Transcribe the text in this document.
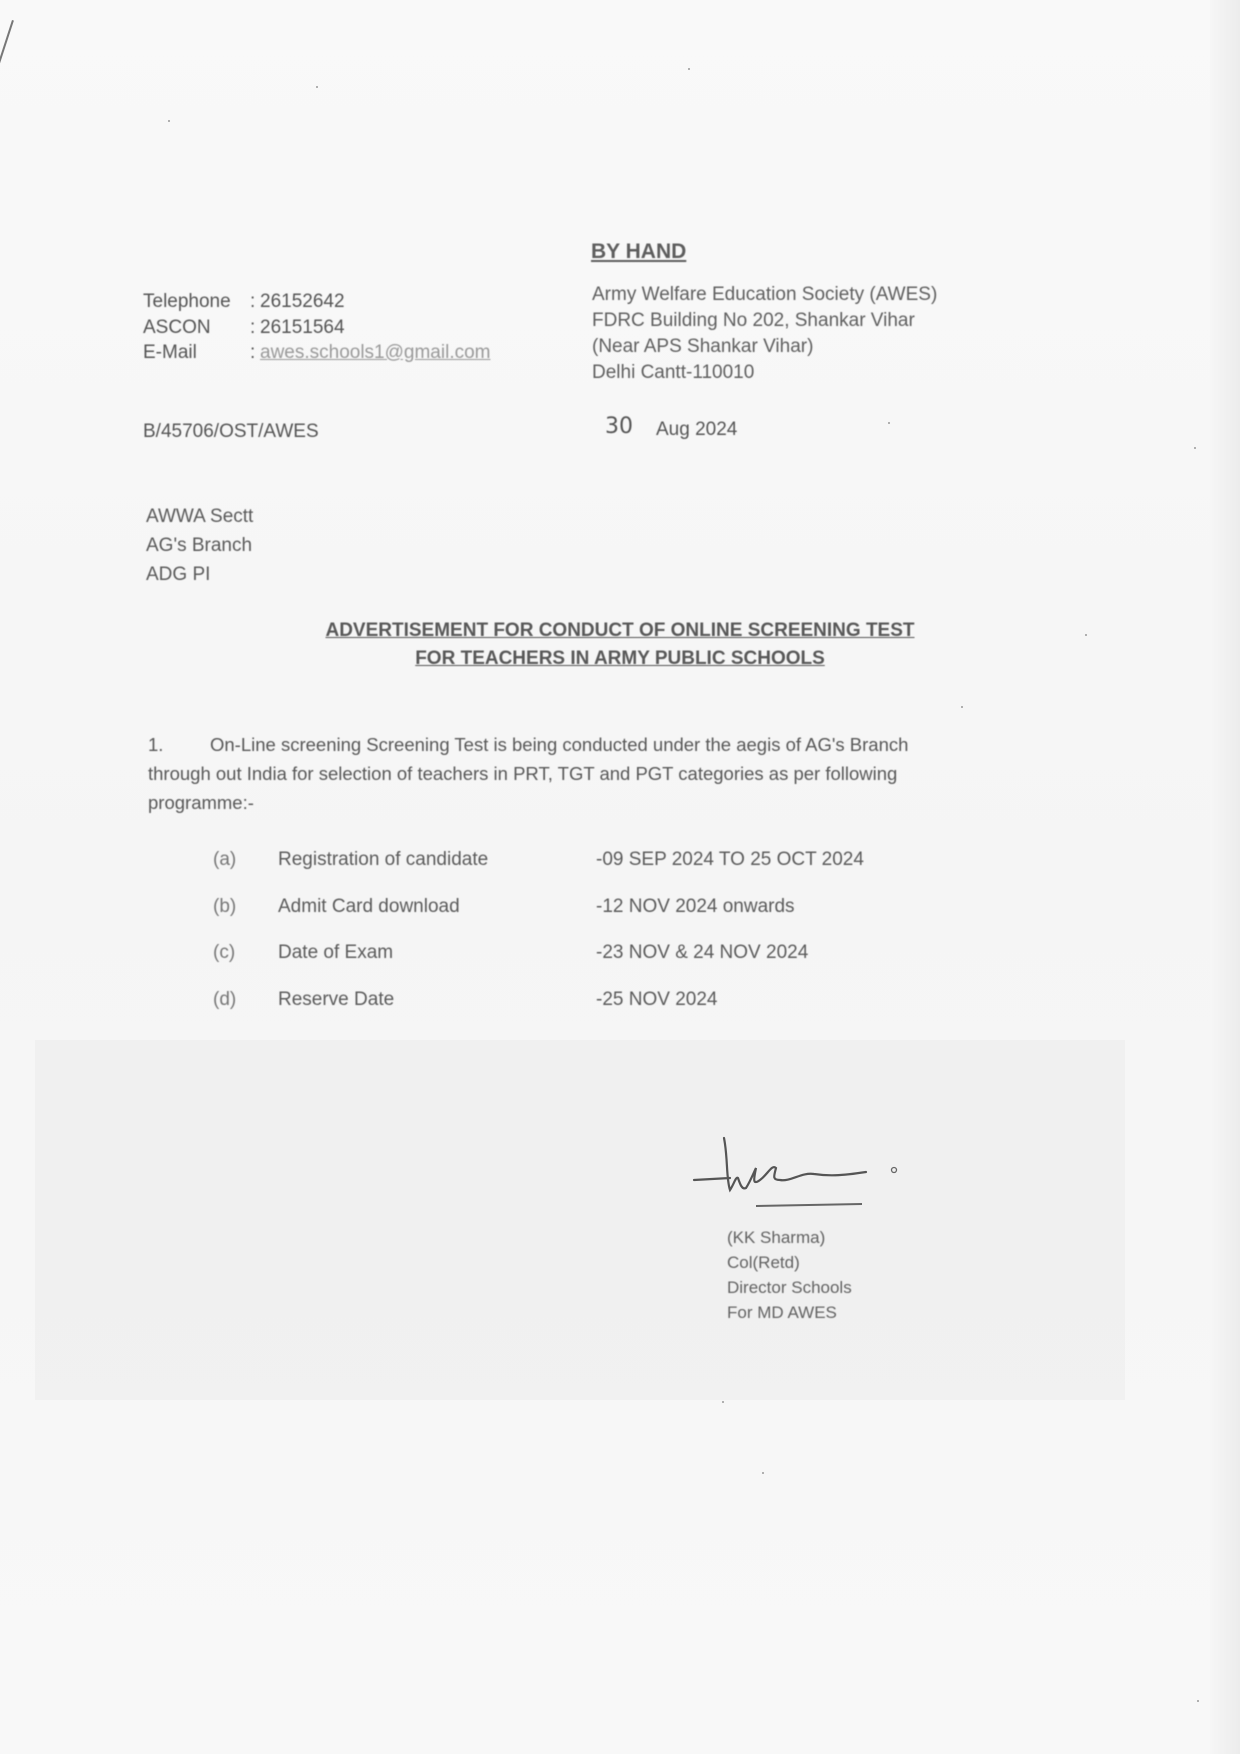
BY HAND
Telephone : 26152642
ASCON : 26151564
E-Mail	: awes.schools1@gmail.com
Army Welfare Education Society (AWES)
FDRC Building No 202, Shankar Vihar
(Near APS Shankar Vihar)
Delhi Cantt-110010
B/45706/OST/AWES	30 Aug 2024
AWWA Sectt
AG's Branch
ADG PI
ADVERTISEMENT FOR CONDUCT OF ONLINE SCREENING TEST
FOR TEACHERS IN ARMY PUBLIC SCHOOLS
1.	On-Line screening Screening Test is being conducted under the aegis of AG's Branch
through out India for selection of teachers in PRT, TGT and PGT categories as per following
programme:-
(a) Registration of candidate	-09 SEP 2024 TO 25 OCT 2024
(b) Admit Card download	-12 NOV 2024 onwards
(c) Date of Exam	-23 NOV & 24 NOV 2024
(d) Reserve Date	-25 NOV 2024
(KK Sharma)
Col(Retd)
Director Schools
For MD AWES
